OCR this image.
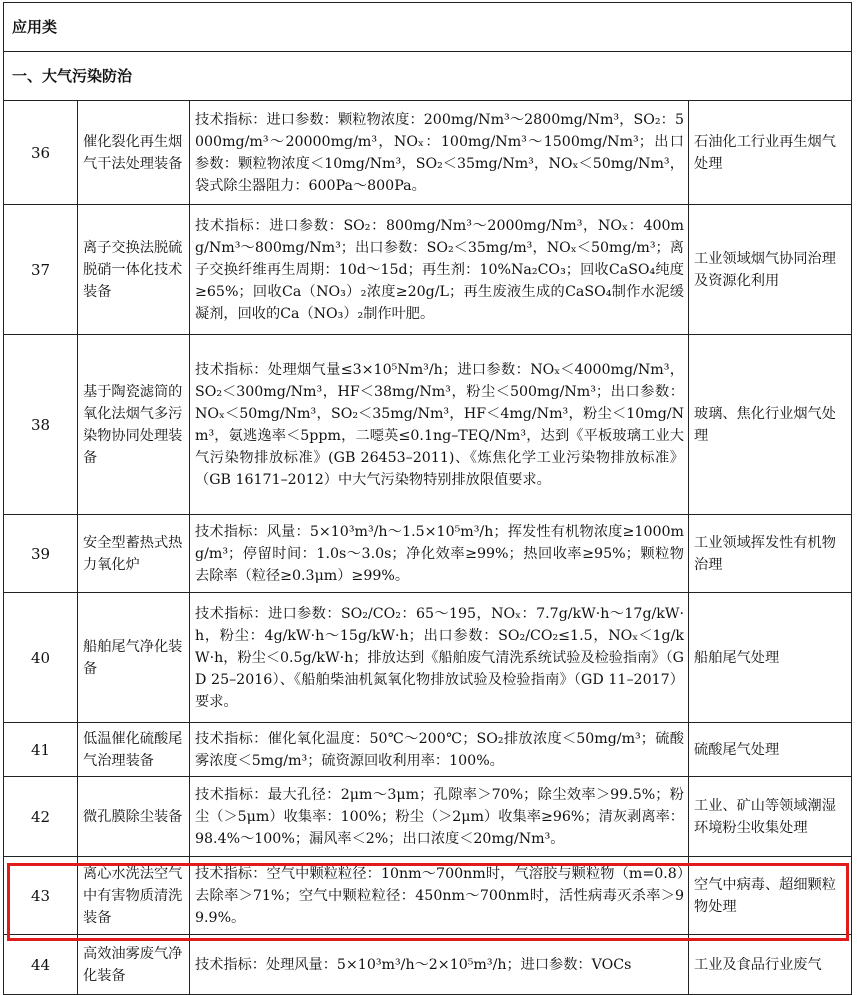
应用类			
一、大气污染防治			
36	催化裂化再生烟气干法处理装备	技术指标：进口参数：颗粒物浓度：200mg/Nm³～2800mg/Nm³，SO₂：5000mg/m³～20000mg/m³，NOₓ：100mg/Nm³～1500mg/Nm³；出口参数：颗粒物浓度＜10mg/Nm³，SO₂＜35mg/Nm³，NOₓ＜50mg/Nm³，袋式除尘器阻力：600Pa～800Pa。	石油化工行业再生烟气处理
37	离子交换法脱硫脱硝一体化技术装备	技术指标：进口参数：SO₂：800mg/Nm³～2000mg/Nm³，NOₓ：400mg/Nm³～800mg/Nm³；出口参数：SO₂＜35mg/m³，NOₓ＜50mg/m³；离子交换纤维再生周期：10d～15d；再生剂：10%Na₂CO₃；回收CaSO₄纯度≥65%；回收Ca（NO₃）₂浓度≥20g/L；再生废液生成的CaSO₄制作水泥缓凝剂，回收的Ca（NO₃）₂制作叶肥。	工业领域烟气协同治理及资源化利用
38	基于陶瓷滤筒的氧化法烟气多污染物协同处理装备	技术指标：处理烟气量≤3×10⁵Nm³/h；进口参数：NOₓ＜4000mg/Nm³，SO₂＜300mg/Nm³，HF＜38mg/Nm³，粉尘＜500mg/Nm³；出口参数：NOₓ＜50mg/Nm³，SO₂＜35mg/Nm³，HF＜4mg/Nm³，粉尘＜10mg/Nm³，氨逃逸率＜5ppm，二噁英≤0.1ng–TEQ/Nm³，达到《平板玻璃工业大气污染物排放标准》(GB 26453–2011)、《炼焦化学工业污染物排放标准》（GB 16171–2012）中大气污染物特别排放限值要求。	玻璃、焦化行业烟气处理
39	安全型蓄热式热力氧化炉	技术指标：风量：5×10³m³/h～1.5×10⁵m³/h；挥发性有机物浓度≥1000mg/m³；停留时间：1.0s～3.0s；净化效率≥99%；热回收率≥95%；颗粒物去除率（粒径≥0.3μm）≥99%。	工业领域挥发性有机物治理
40	船舶尾气净化装备	技术指标：进口参数：SO₂/CO₂：65～195，NOₓ：7.7g/kW·h～17g/kW·h，粉尘：4g/kW·h～15g/kW·h；出口参数：SO₂/CO₂≤1.5，NOₓ＜1g/kW·h，粉尘＜0.5g/kW·h；排放达到《船舶废气清洗系统试验及检验指南》（GD 25–2016）、《船舶柴油机氮氧化物排放试验及检验指南》（GD 11–2017）要求。	船舶尾气处理
41	低温催化硫酸尾气治理装备	技术指标：催化氧化温度：50℃～200℃；SO₂排放浓度＜50mg/m³；硫酸雾浓度＜5mg/m³；硫资源回收利用率：100%。	硫酸尾气处理
42	微孔膜除尘装备	技术指标：最大孔径：2μm～3μm；孔隙率＞70%；除尘效率＞99.5%；粉尘（＞5μm）收集率：100%；粉尘（＞2μm）收集率≥96%；清灰剥离率：98.4%～100%；漏风率＜2%；出口浓度＜20mg/Nm³。	工业、矿山等领域潮湿环境粉尘收集处理
43	离心水洗法空气中有害物质清洗装备	技术指标：空气中颗粒粒径：10nm～700nm时，气溶胶与颗粒物（m=0.8）去除率＞71%；空气中颗粒粒径：450nm～700nm时，活性病毒灭杀率＞99.9%。	空气中病毒、超细颗粒物处理
44	高效油雾废气净化装备	技术指标：处理风量：5×10³m³/h～2×10⁵m³/h；进口参数：VOCs	工业及食品行业废气
